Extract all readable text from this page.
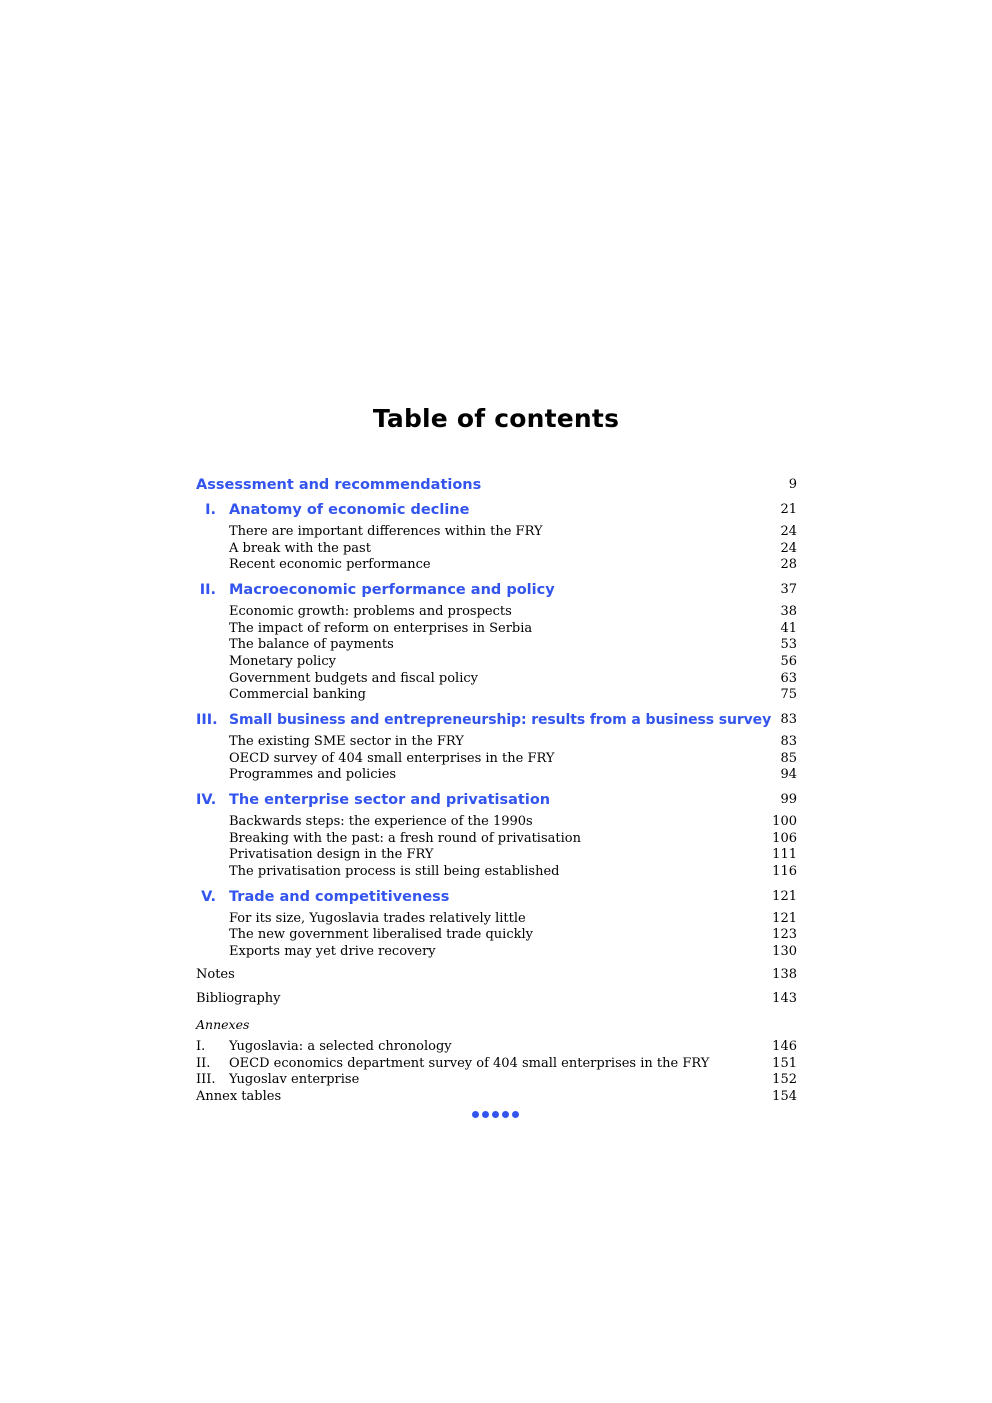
Table of contents
Assessment and recommendations	9
I. Anatomy of economic decline	21
There are important differences within the FRY	24
A break with the past	24
Recent economic performance	28
II. Macroeconomic performance and policy	37
Economic growth: problems and prospects	38
The impact of reform on enterprises in Serbia	41
The balance of payments	53
Monetary policy	56
Government budgets and fiscal policy	63
Commercial banking	75
III. Small business and entrepreneurship: results from a business survey 83
The existing SME sector in the FRY	83
OECD survey of 404 small enterprises in the FRY	85
Programmes and policies	94
IV. The enterprise sector and privatisation	99
Backwards steps: the experience of the 1990s	100
Breaking with the past: a fresh round of privatisation	106
Privatisation design in the FRY	111
The privatisation process is still being established	116
V. Trade and competitiveness	121
For its size, Yugoslavia trades relatively little	121
The new government liberalised trade quickly	123
Exports may yet drive recovery	130
Notes	138
Bibliography	143
Annexes
I. Yugoslavia: a selected chronology	146
II. OECD economics department survey of 404 small enterprises in the FRY	151
III. Yugoslav enterprise	152
Annex tables	154
